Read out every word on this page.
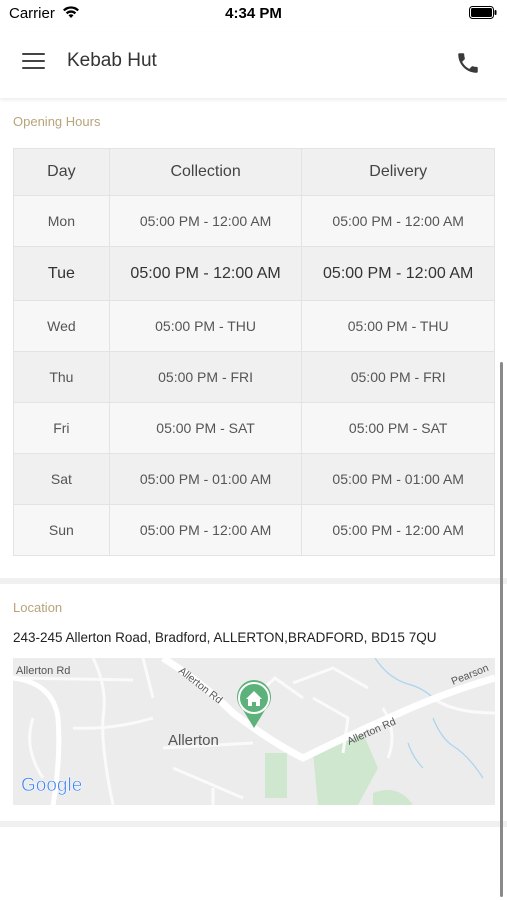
Carrier	4:34 PM
Kebab Hut
Opening Hours
Day	Collection	Delivery
Mon	05:00 PM - 12:00 AM	05:00 PM - 12:00 AM
Tue	05:00 PM - 12:00 AM	05:00 PM - 12:00 AM
Wed	05:00 PM - THU	05:00 PM - THU
Thu	05:00 PM - FRI	05:00 PM - FRI
Fri	05:00 PM - SAT	05:00 PM - SAT
Sat	05:00 PM - 01:00 AM	05:00 PM - 01:00 AM
Sun	05:00 PM - 12:00 AM	05:00 PM - 12:00 AM
Location
243-245 Allerton Road, Bradford, ALLERTON,BRADFORD, BD15 7QU
Allerton Rd	Allerton Rd
Allerton Rd
Pearson
Allerton
Google
